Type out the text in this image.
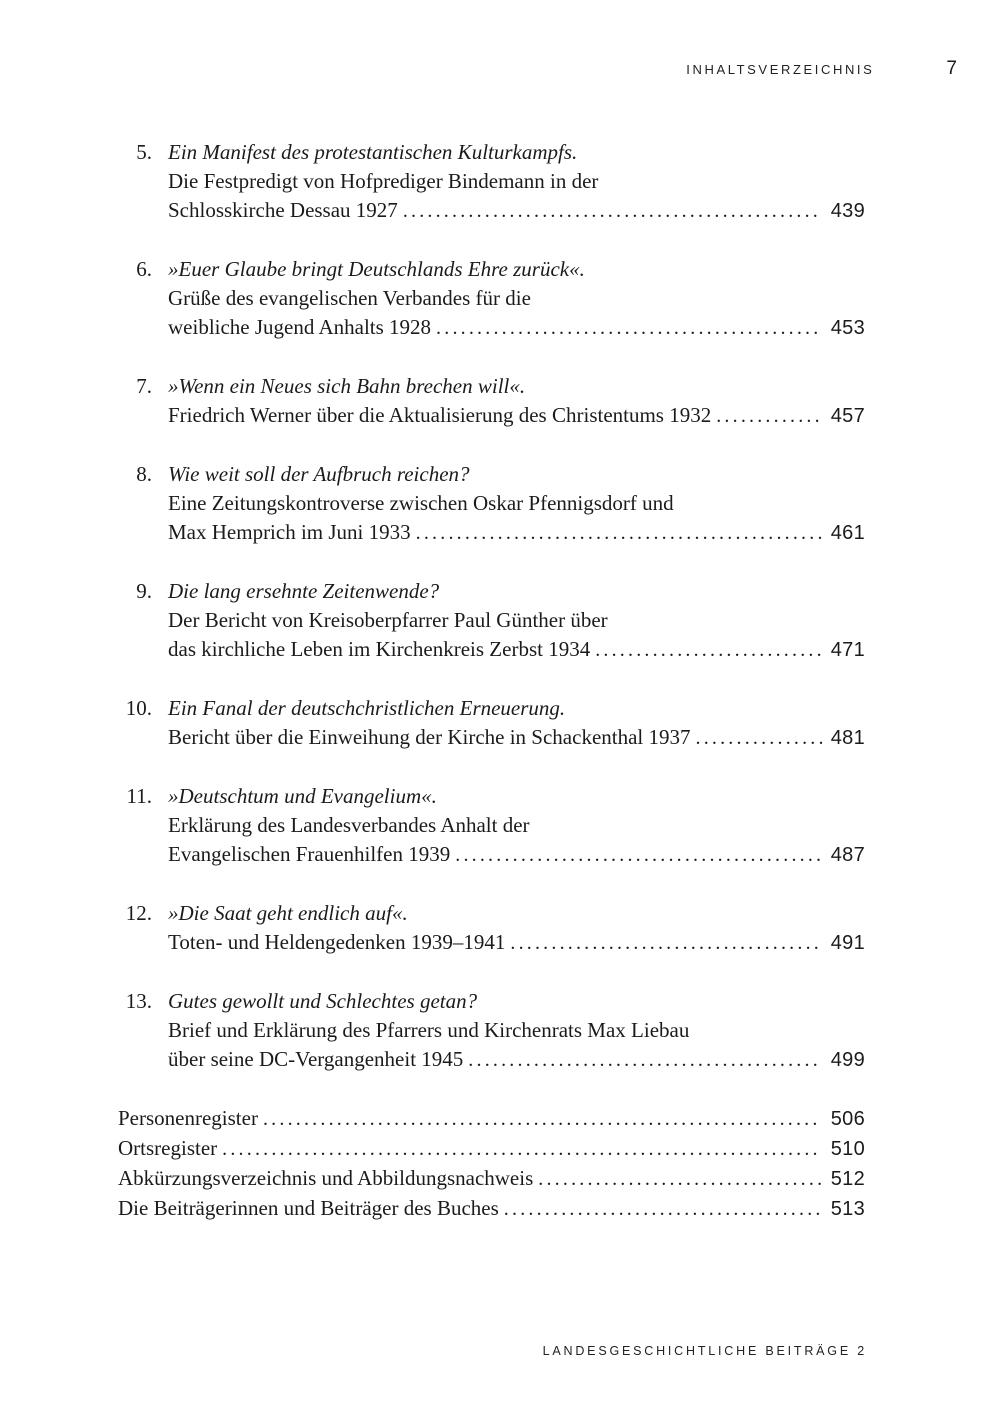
INHALTSVERZEICHNIS	7
5. Ein Manifest des protestantischen Kulturkampfs.
Die Festpredigt von Hofprediger Bindemann in der
Schlosskirche Dessau 1927 .....	439
6. »Euer Glaube bringt Deutschlands Ehre zurück«.
Grüße des evangelischen Verbandes für die
weibliche Jugend Anhalts 1928 .....	453
7. »Wenn ein Neues sich Bahn brechen will«.
Friedrich Werner über die Aktualisierung des Christentums 1932 .....	457
8. Wie weit soll der Aufbruch reichen?
Eine Zeitungskontroverse zwischen Oskar Pfennigsdorf und
Max Hemprich im Juni 1933 .....	461
9. Die lang ersehnte Zeitenwende?
Der Bericht von Kreisoberpfarrer Paul Günther über
das kirchliche Leben im Kirchenkreis Zerbst 1934 .....	471
10. Ein Fanal der deutschchristlichen Erneuerung.
Bericht über die Einweihung der Kirche in Schackenthal 1937 .....	481
11. »Deutschtum und Evangelium«.
Erklärung des Landesverbandes Anhalt der
Evangelischen Frauenhilfen 1939 .....	487
12. »Die Saat geht endlich auf«.
Toten- und Heldengedenken 1939–1941 .....	491
13. Gutes gewollt und Schlechtes getan?
Brief und Erklärung des Pfarrers und Kirchenrats Max Liebau
über seine DC-Vergangenheit 1945 .....	499
Personenregister .....	506
Ortsregister .....	510
Abkürzungsverzeichnis und Abbildungsnachweis .....	512
Die Beiträgerinnen und Beiträger des Buches .....	513
LANDESGESCHICHTLICHE BEITRÄGE 2
